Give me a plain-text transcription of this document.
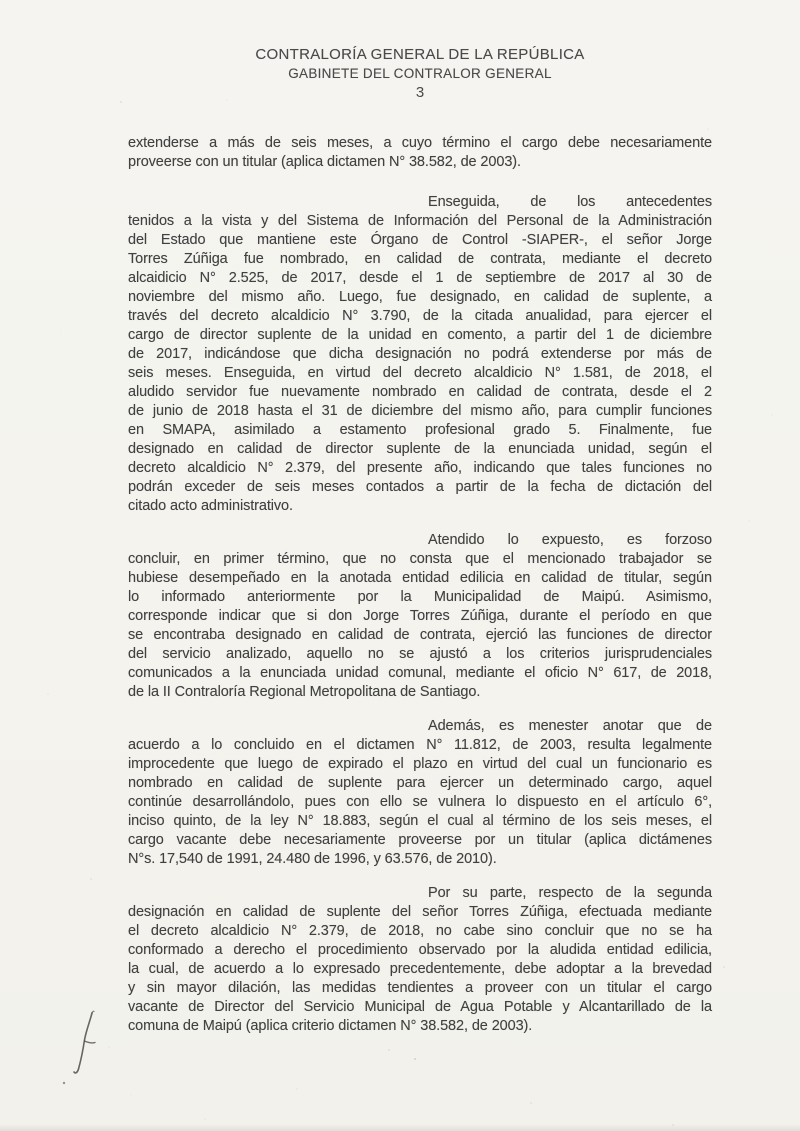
CONTRALORÍA GENERAL DE LA REPÚBLICA
GABINETE DEL CONTRALOR GENERAL
3
extenderse a más de seis meses, a cuyo término el cargo debe necesariamente
proveerse con un titular (aplica dictamen N° 38.582, de 2003).
Enseguida, de los antecedentes
tenidos a la vista y del Sistema de Información del Personal de la Administración
del Estado que mantiene este Órgano de Control -SIAPER-, el señor Jorge
Torres Zúñiga fue nombrado, en calidad de contrata, mediante el decreto
alcaidicio N° 2.525, de 2017, desde el 1 de septiembre de 2017 al 30 de
noviembre del mismo año. Luego, fue designado, en calidad de suplente, a
través del decreto alcaldicio N° 3.790, de la citada anualidad, para ejercer el
cargo de director suplente de la unidad en comento, a partir del 1 de diciembre
de 2017, indicándose que dicha designación no podrá extenderse por más de
seis meses. Enseguida, en virtud del decreto alcaldicio N° 1.581, de 2018, el
aludido servidor fue nuevamente nombrado en calidad de contrata, desde el 2
de junio de 2018 hasta el 31 de diciembre del mismo año, para cumplir funciones
en SMAPA, asimilado a estamento profesional grado 5. Finalmente, fue
designado en calidad de director suplente de la enunciada unidad, según el
decreto alcaldicio N° 2.379, del presente año, indicando que tales funciones no
podrán exceder de seis meses contados a partir de la fecha de dictación del
citado acto administrativo.
Atendido lo expuesto, es forzoso
concluir, en primer término, que no consta que el mencionado trabajador se
hubiese desempeñado en la anotada entidad edilicia en calidad de titular, según
lo informado anteriormente por la Municipalidad de Maipú. Asimismo,
corresponde indicar que si don Jorge Torres Zúñiga, durante el período en que
se encontraba designado en calidad de contrata, ejerció las funciones de director
del servicio analizado, aquello no se ajustó a los criterios jurisprudenciales
comunicados a la enunciada unidad comunal, mediante el oficio N° 617, de 2018,
de la II Contraloría Regional Metropolitana de Santiago.
Además, es menester anotar que de
acuerdo a lo concluido en el dictamen N° 11.812, de 2003, resulta legalmente
improcedente que luego de expirado el plazo en virtud del cual un funcionario es
nombrado en calidad de suplente para ejercer un determinado cargo, aquel
continúe desarrollándolo, pues con ello se vulnera lo dispuesto en el artículo 6°,
inciso quinto, de la ley N° 18.883, según el cual al término de los seis meses, el
cargo vacante debe necesariamente proveerse por un titular (aplica dictámenes
N°s. 17,540 de 1991, 24.480 de 1996, y 63.576, de 2010).
Por su parte, respecto de la segunda
designación en calidad de suplente del señor Torres Zúñiga, efectuada mediante
el decreto alcaldicio N° 2.379, de 2018, no cabe sino concluir que no se ha
conformado a derecho el procedimiento observado por la aludida entidad edilicia,
la cual, de acuerdo a lo expresado precedentemente, debe adoptar a la brevedad
y sin mayor dilación, las medidas tendientes a proveer con un titular el cargo
vacante de Director del Servicio Municipal de Agua Potable y Alcantarillado de la
comuna de Maipú (aplica criterio dictamen N° 38.582, de 2003).
